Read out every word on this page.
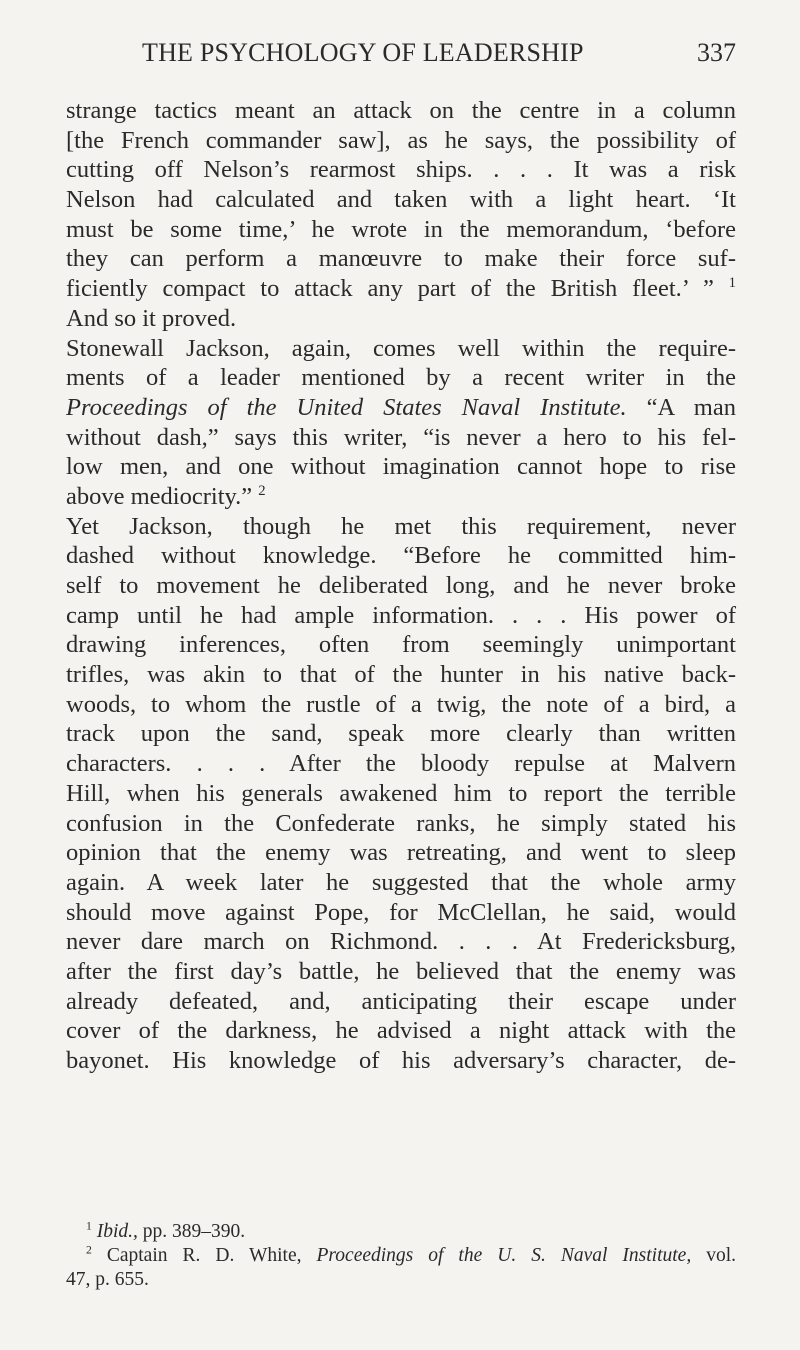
THE PSYCHOLOGY OF LEADERSHIP	337
strange tactics meant an attack on the centre in a column
[the French commander saw], as he says, the possibility of
cutting off Nelson’s rearmost ships. . . . It was a risk
Nelson had calculated and taken with a light heart. ‘It
must be some time,’ he wrote in the memorandum, ‘before
they can perform a manœuvre to make their force suf-
ficiently compact to attack any part of the British fleet.’ ” $^1$
And so it proved.
Stonewall Jackson, again, comes well within the require-
ments of a leader mentioned by a recent writer in the
Proceedings of the United States Naval Institute. “A man
without dash,” says this writer, “is never a hero to his fel-
low men, and one without imagination cannot hope to rise
above mediocrity.” $^2$
Yet Jackson, though he met this requirement, never
dashed without knowledge. “Before he committed him-
self to movement he deliberated long, and he never broke
camp until he had ample information. . . . His power of
drawing inferences, often from seemingly unimportant
trifles, was akin to that of the hunter in his native back-
woods, to whom the rustle of a twig, the note of a bird, a
track upon the sand, speak more clearly than written
characters. . . . After the bloody repulse at Malvern
Hill, when his generals awakened him to report the terrible
confusion in the Confederate ranks, he simply stated his
opinion that the enemy was retreating, and went to sleep
again. A week later he suggested that the whole army
should move against Pope, for McClellan, he said, would
never dare march on Richmond. . . . At Fredericksburg,
after the first day’s battle, he believed that the enemy was
already defeated, and, anticipating their escape under
cover of the darkness, he advised a night attack with the
bayonet. His knowledge of his adversary’s character, de-
$^1$ Ibid., pp. 389–390.
$^2$ Captain R. D. White, Proceedings of the U. S. Naval Institute, vol.
47, p. 655.
